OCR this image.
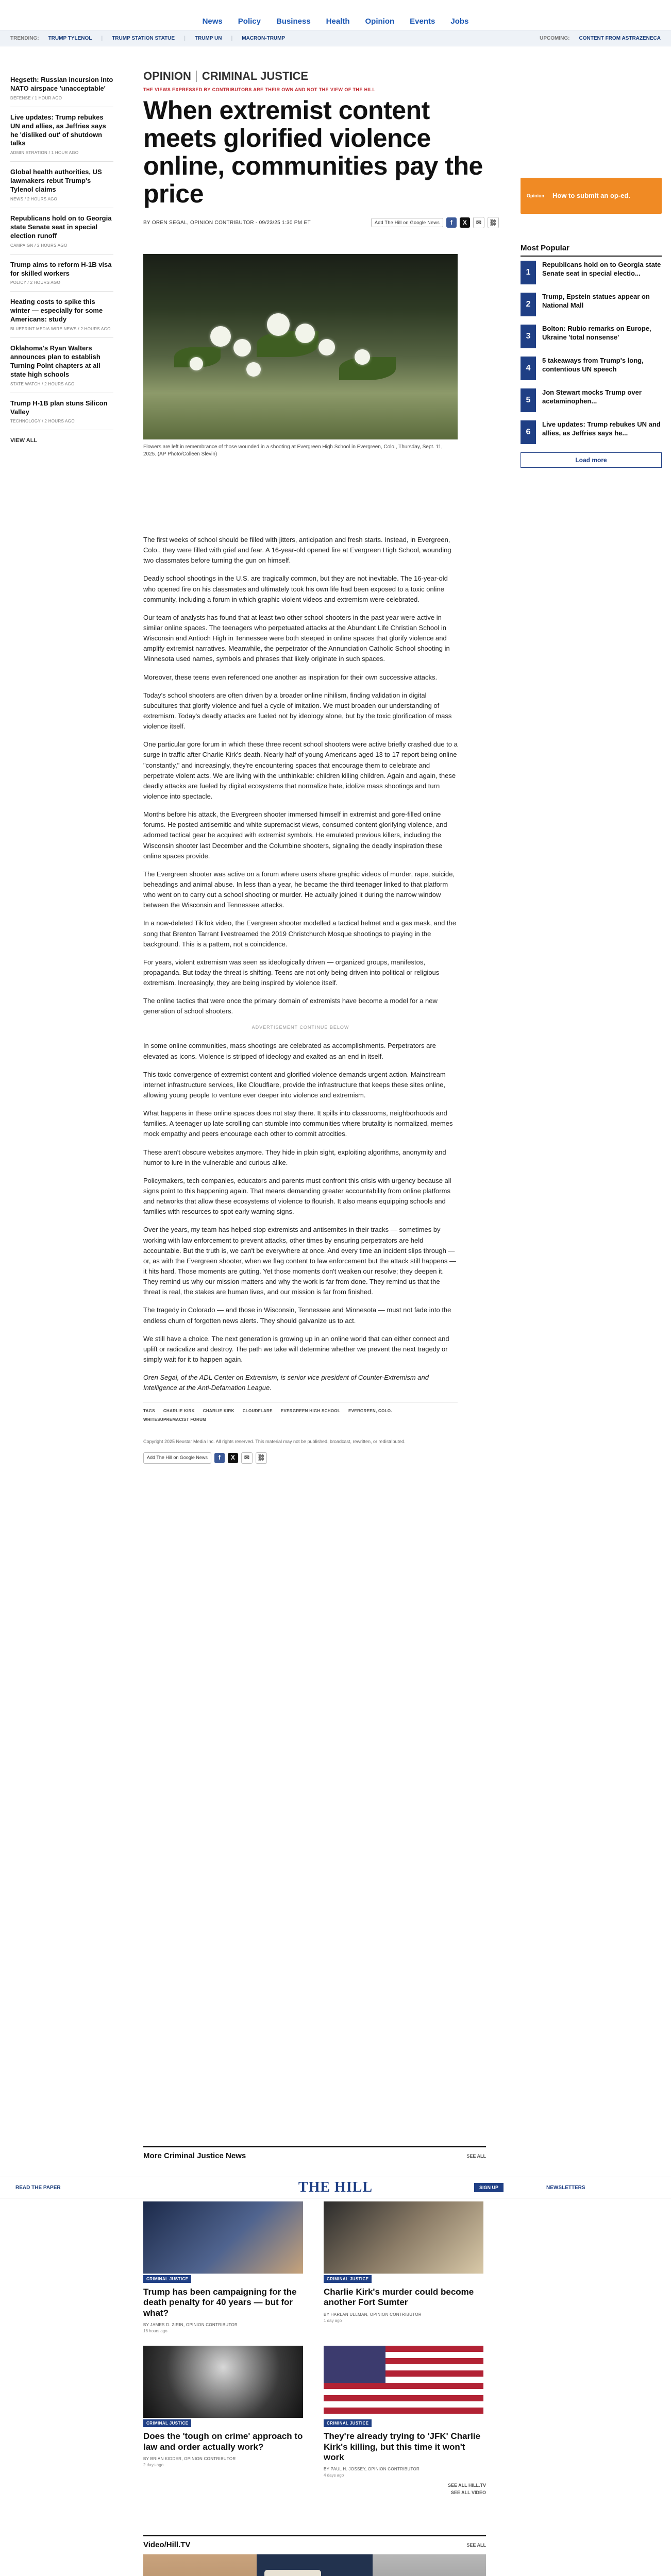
News Policy Business Health Opinion Events Jobs
TRENDING: TRUMP TYLENOL | TRUMP STATION STATUE | TRUMP UN | MACRON-TRUMP	UPCOMING: CONTENT FROM ASTRAZENECA
Hegseth: Russian incursion into NATO airspace 'unacceptable'
DEFENSE / 1 HOUR AGO
Live updates: Trump rebukes UN and allies, as Jeffries says he 'disliked out' of shutdown talks
ADMINISTRATION / 1 HOUR AGO
Global health authorities, US lawmakers rebut Trump's Tylenol claims
NEWS / 2 HOURS AGO
Republicans hold on to Georgia state Senate seat in special election runoff
CAMPAIGN / 2 HOURS AGO
Trump aims to reform H-1B visa for skilled workers
POLICY / 2 HOURS AGO
Heating costs to spike this winter — especially for some Americans: study
BLUEPRINT MEDIA WIRE NEWS / 2 HOURS AGO
Oklahoma's Ryan Walters announces plan to establish Turning Point chapters at all state high schools
STATE WATCH / 2 HOURS AGO
Trump H-1B plan stuns Silicon Valley
TECHNOLOGY / 2 HOURS AGO
VIEW ALL
OPINION CRIMINAL JUSTICE
THE VIEWS EXPRESSED BY CONTRIBUTORS ARE THEIR OWN AND NOT THE VIEW OF THE HILL
When extremist content meets glorified violence online, communities pay the price
BY OREN SEGAL, OPINION CONTRIBUTOR - 09/23/25 1:30 PM ET	Add The Hill on Google News	f	X	✉	⛓
Flowers are left in remembrance of those wounded in a shooting at Evergreen High School in Evergreen, Colo., Thursday, Sept. 11, 2025. (AP Photo/Colleen Slevin)

The first weeks of school should be filled with jitters, anticipation and fresh starts. Instead, in Evergreen, Colo., they were filled with grief and fear. A 16-year-old opened fire at Evergreen High School, wounding two classmates before turning the gun on himself.

Deadly school shootings in the U.S. are tragically common, but they are not inevitable. The 16-year-old who opened fire on his classmates and ultimately took his own life had been exposed to a toxic online community, including a forum in which graphic violent videos and extremism were celebrated.

Our team of analysts has found that at least two other school shooters in the past year were active in similar online spaces. The teenagers who perpetuated attacks at the Abundant Life Christian School in Wisconsin and Antioch High in Tennessee were both steeped in online spaces that glorify violence and amplify extremist narratives. Meanwhile, the perpetrator of the Annunciation Catholic School shooting in Minnesota used names, symbols and phrases that likely originate in such spaces.

Moreover, these teens even referenced one another as inspiration for their own successive attacks.

Today's school shooters are often driven by a broader online nihilism, finding validation in digital subcultures that glorify violence and fuel a cycle of imitation. We must broaden our understanding of extremism. Today's deadly attacks are fueled not by ideology alone, but by the toxic glorification of mass violence itself.

One particular gore forum in which these three recent school shooters were active briefly crashed due to a surge in traffic after Charlie Kirk's death. Nearly half of young Americans aged 13 to 17 report being online "constantly," and increasingly, they're encountering spaces that encourage them to celebrate and perpetrate violent acts. We are living with the unthinkable: children killing children. Again and again, these deadly attacks are fueled by digital ecosystems that normalize hate, idolize mass shootings and turn violence into spectacle.

Months before his attack, the Evergreen shooter immersed himself in extremist and gore-filled online forums. He posted antisemitic and white supremacist views, consumed content glorifying violence, and adorned tactical gear he acquired with extremist symbols. He emulated previous killers, including the Wisconsin shooter last December and the Columbine shooters, signaling the deadly inspiration these online spaces provide.

The Evergreen shooter was active on a forum where users share graphic videos of murder, rape, suicide, beheadings and animal abuse. In less than a year, he became the third teenager linked to that platform who went on to carry out a school shooting or murder. He actually joined it during the narrow window between the Wisconsin and Tennessee attacks.

In a now-deleted TikTok video, the Evergreen shooter modelled a tactical helmet and a gas mask, and the song that Brenton Tarrant livestreamed the 2019 Christchurch Mosque shootings to playing in the background. This is a pattern, not a coincidence.

For years, violent extremism was seen as ideologically driven — organized groups, manifestos, propaganda. But today the threat is shifting. Teens are not only being driven into political or religious extremism. Increasingly, they are being inspired by violence itself.

The online tactics that were once the primary domain of extremists have become a model for a new generation of school shooters.

ADVERTISEMENT CONTINUE BELOW

In some online communities, mass shootings are celebrated as accomplishments. Perpetrators are elevated as icons. Violence is stripped of ideology and exalted as an end in itself.

This toxic convergence of extremist content and glorified violence demands urgent action. Mainstream internet infrastructure services, like Cloudflare, provide the infrastructure that keeps these sites online, allowing young people to venture ever deeper into violence and extremism.

What happens in these online spaces does not stay there. It spills into classrooms, neighborhoods and families. A teenager up late scrolling can stumble into communities where brutality is normalized, memes mock empathy and peers encourage each other to commit atrocities.

These aren't obscure websites anymore. They hide in plain sight, exploiting algorithms, anonymity and humor to lure in the vulnerable and curious alike.

Policymakers, tech companies, educators and parents must confront this crisis with urgency because all signs point to this happening again. That means demanding greater accountability from online platforms and networks that allow these ecosystems of violence to flourish. It also means equipping schools and families with resources to spot early warning signs.

Over the years, my team has helped stop extremists and antisemites in their tracks — sometimes by working with law enforcement to prevent attacks, other times by ensuring perpetrators are held accountable. But the truth is, we can't be everywhere at once. And every time an incident slips through — or, as with the Evergreen shooter, when we flag content to law enforcement but the attack still happens — it hits hard. Those moments are gutting. Yet those moments don't weaken our resolve; they deepen it. They remind us why our mission matters and why the work is far from done. They remind us that the threat is real, the stakes are human lives, and our mission is far from finished.

The tragedy in Colorado — and those in Wisconsin, Tennessee and Minnesota — must not fade into the endless churn of forgotten news alerts. They should galvanize us to act.

We still have a choice. The next generation is growing up in an online world that can either connect and uplift or radicalize and destroy. The path we take will determine whether we prevent the next tragedy or simply wait for it to happen again.

Oren Segal, of the ADL Center on Extremism, is senior vice president of Counter-Extremism and Intelligence at the Anti-Defamation League.

TAGS CHARLIE KIRK CHARLIE KIRK CLOUDFLARE EVERGREEN HIGH SCHOOL EVERGREEN, COLO.
WHITESUPREMACIST FORUM
Copyright 2025 Nexstar Media Inc. All rights reserved. This material may not be published, broadcast, rewritten, or redistributed.
Add The Hill on Google News	f	X	✉	⛓
Opinion	How to submit an op-ed.
Most Popular
1
Republicans hold on to Georgia state Senate seat in special electio...
2
Trump, Epstein statues appear on National Mall
3
Bolton: Rubio remarks on Europe, Ukraine 'total nonsense'
4
5 takeaways from Trump's long, contentious UN speech
5
Jon Stewart mocks Trump over acetaminophen...
6
Live updates: Trump rebukes UN and allies, as Jeffries says he...
Load more
More Criminal Justice News	SEE ALL
CRIMINAL JUSTICE
Trump has been campaigning for the death penalty for 40 years — but for what?
BY JAMES D. ZIRIN, OPINION CONTRIBUTOR
16 hours ago
CRIMINAL JUSTICE
Charlie Kirk's murder could become another Fort Sumter
BY HARLAN ULLMAN, OPINION CONTRIBUTOR
1 day ago
CRIMINAL JUSTICE
Does the 'tough on crime' approach to law and order actually work?
BY BRIAN KIDDER, OPINION CONTRIBUTOR
2 days ago
CRIMINAL JUSTICE
They're already trying to 'JFK' Charlie Kirk's killing, but this time it won't work
BY PAUL H. JOSSEY, OPINION CONTRIBUTOR
4 days ago
SEE ALL HILL.TV
SEE ALL VIDEO
READ THE PAPER	THE HILL	SIGN UP	NEWSLETTERS
Video/Hill.TV	SEE ALL
